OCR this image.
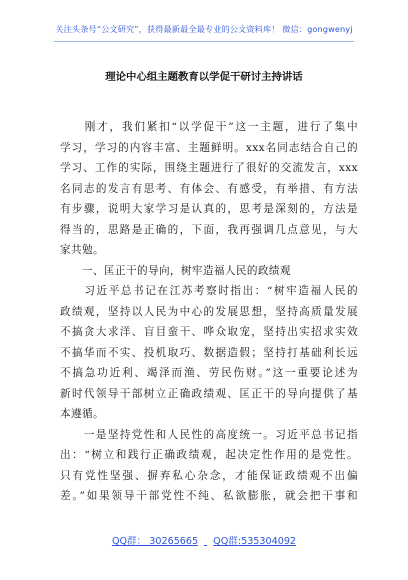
关注头条号“公文研究”，获得最新最全最专业的公文资料库！ 微信：gongwenyj
理论中心组主题教育以学促干研讨主持讲话
　　刚才，我们紧扣“以学促干”这一主题，进行了集中
学习，学习的内容丰富、主题鲜明。xxx名同志结合自己的
学习、工作的实际，围绕主题进行了很好的交流发言，xxx
名同志的发言有思考、有体会、有感受，有举措、有方法
有步骤，说明大家学习是认真的，思考是深刻的，方法是
得当的，思路是正确的，下面，我再强调几点意见，与大
家共勉。
　　一、匡正干的导向，树牢造福人民的政绩观
　　习近平总书记在江苏考察时指出：“树牢造福人民的
政绩观，坚持以人民为中心的发展思想，坚持高质量发展
不搞贪大求洋、盲目蛮干、哗众取宠，坚持出实招求实效
不搞华而不实、投机取巧、数据造假；坚持打基础利长远
不搞急功近利、竭泽而渔、劳民伤财。”这一重要论述为
新时代领导干部树立正确政绩观、匡正干的导向提供了基
本遵循。
　　一是坚持党性和人民性的高度统一。习近平总书记指
出：“树立和践行正确政绩观，起决定性作用的是党性。
只有党性坚强、摒弃私心杂念，才能保证政绩观不出偏
差。”如果领导干部党性不纯、私欲膨胀，就会把干事和
QQ群： 30265665 QQ群:535304092
